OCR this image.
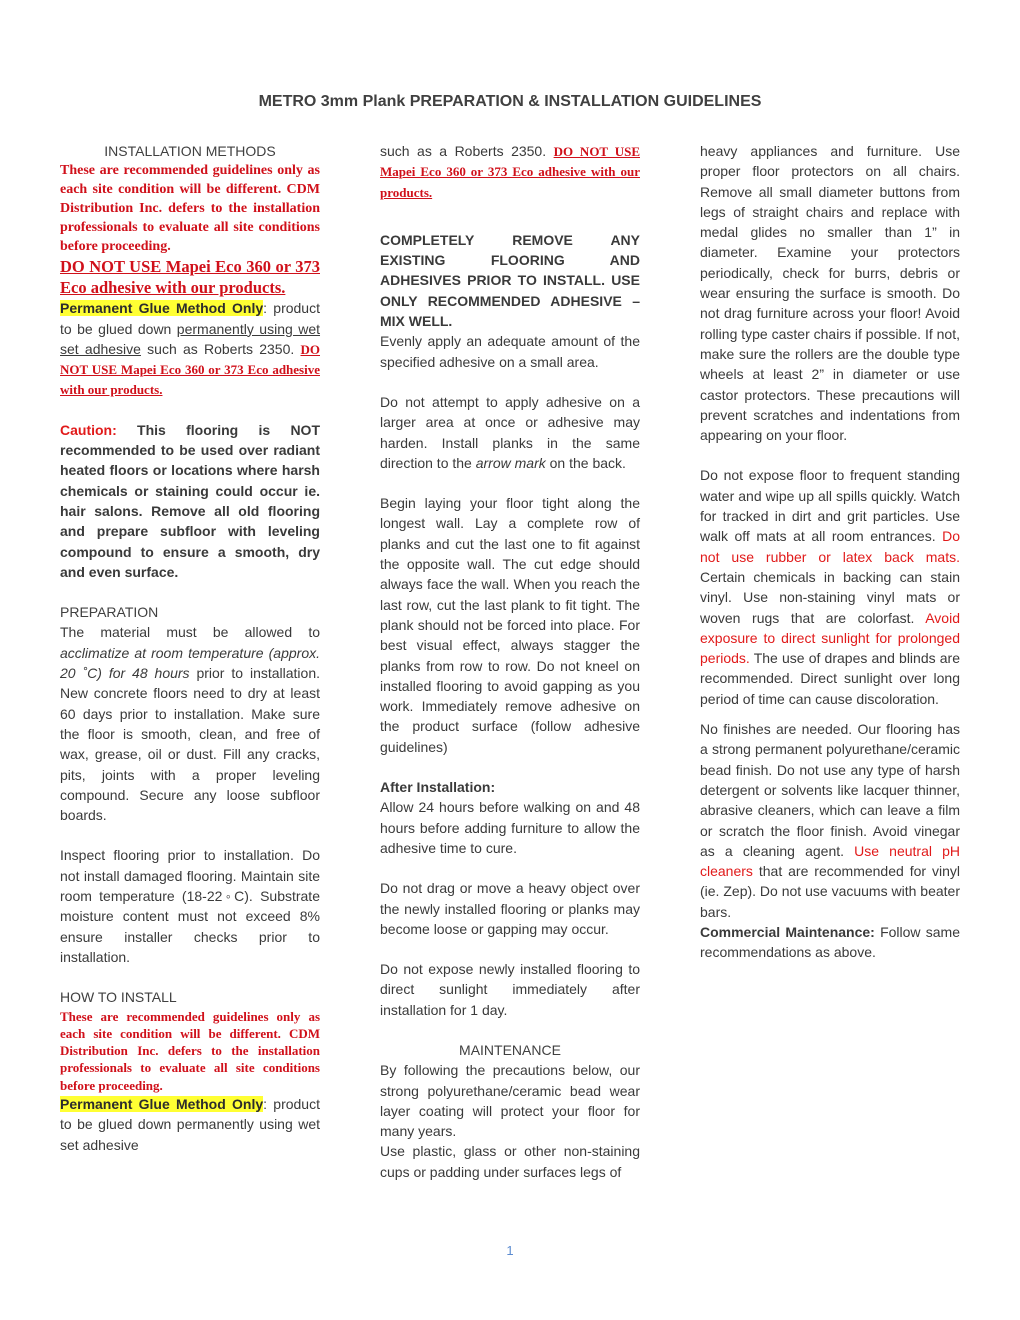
METRO 3mm Plank PREPARATION & INSTALLATION GUIDELINES

INSTALLATION METHODS

These are recommended guidelines only as each site condition will be different. CDM Distribution Inc. defers to the installation professionals to evaluate all site conditions before proceeding.

DO NOT USE Mapei Eco 360 or 373 Eco adhesive with our products.

Permanent Glue Method Only: product to be glued down permanently using wet set adhesive such as Roberts 2350. DO NOT USE Mapei Eco 360 or 373 Eco adhesive with our products.

Caution: This flooring is NOT recommended to be used over radiant heated floors or locations where harsh chemicals or staining could occur ie. hair salons. Remove all old flooring and prepare subfloor with leveling compound to ensure a smooth, dry and even surface.

PREPARATION

The material must be allowed to acclimatize at room temperature (approx. 20 ˚C) for 48 hours prior to installation. New concrete floors need to dry at least 60 days prior to installation. Make sure the floor is smooth, clean, and free of wax, grease, oil or dust. Fill any cracks, pits, joints with a proper leveling compound. Secure any loose subfloor boards.

Inspect flooring prior to installation. Do not install damaged flooring. Maintain site room temperature (18-22◦C). Substrate moisture content must not exceed 8% ensure installer checks prior to installation.

HOW TO INSTALL

These are recommended guidelines only as each site condition will be different. CDM Distribution Inc. defers to the installation professionals to evaluate all site conditions before proceeding.

Permanent Glue Method Only: product to be glued down permanently using wet set adhesive

such as a Roberts 2350. DO NOT USE Mapei Eco 360 or 373 Eco adhesive with our products.

COMPLETELY REMOVE ANY EXISTING FLOORING AND ADHESIVES PRIOR TO INSTALL. USE ONLY RECOMMENDED ADHESIVE – MIX WELL.

Evenly apply an adequate amount of the specified adhesive on a small area.

Do not attempt to apply adhesive on a larger area at once or adhesive may harden. Install planks in the same direction to the arrow mark on the back.

Begin laying your floor tight along the longest wall. Lay a complete row of planks and cut the last one to fit against the opposite wall. The cut edge should always face the wall. When you reach the last row, cut the last plank to fit tight. The plank should not be forced into place. For best visual effect, always stagger the planks from row to row. Do not kneel on installed flooring to avoid gapping as you work. Immediately remove adhesive on the product surface (follow adhesive guidelines)

After Installation:

Allow 24 hours before walking on and 48 hours before adding furniture to allow the adhesive time to cure.

Do not drag or move a heavy object over the newly installed flooring or planks may become loose or gapping may occur.

Do not expose newly installed flooring to direct sunlight immediately after installation for 1 day.

MAINTENANCE

By following the precautions below, our strong polyurethane/ceramic bead wear layer coating will protect your floor for many years.

Use plastic, glass or other non-staining cups or padding under surfaces legs of

heavy appliances and furniture. Use proper floor protectors on all chairs. Remove all small diameter buttons from legs of straight chairs and replace with medal glides no smaller than 1” in diameter. Examine your protectors periodically, check for burrs, debris or wear ensuring the surface is smooth. Do not drag furniture across your floor! Avoid rolling type caster chairs if possible. If not, make sure the rollers are the double type wheels at least 2” in diameter or use castor protectors. These precautions will prevent scratches and indentations from appearing on your floor.

Do not expose floor to frequent standing water and wipe up all spills quickly. Watch for tracked in dirt and grit particles. Use walk off mats at all room entrances. Do not use rubber or latex back mats. Certain chemicals in backing can stain vinyl. Use non-staining vinyl mats or woven rugs that are colorfast. Avoid exposure to direct sunlight for prolonged periods. The use of drapes and blinds are recommended. Direct sunlight over long period of time can cause discoloration.

No finishes are needed. Our flooring has a strong permanent polyurethane/ceramic bead finish. Do not use any type of harsh detergent or solvents like lacquer thinner, abrasive cleaners, which can leave a film or scratch the floor finish. Avoid vinegar as a cleaning agent. Use neutral pH cleaners that are recommended for vinyl (ie. Zep). Do not use vacuums with beater bars.

Commercial Maintenance: Follow same recommendations as above.

1
